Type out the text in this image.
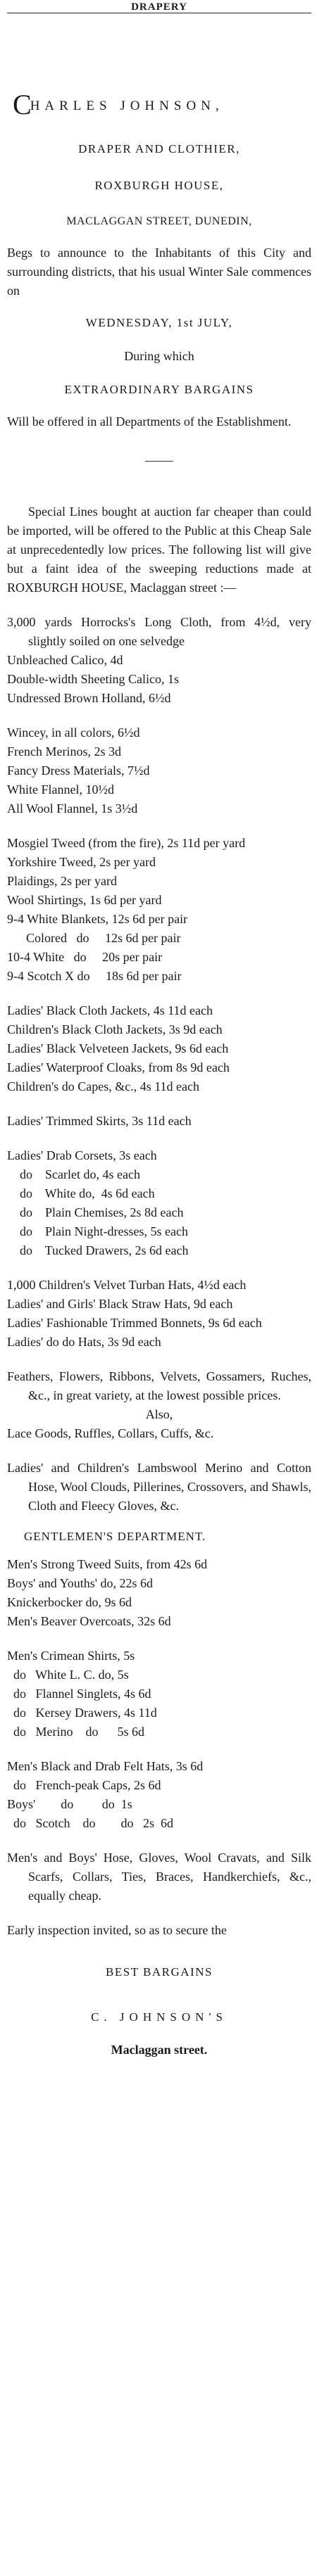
DRAPERY
CHARLES JOHNSON,
DRAPER AND CLOTHIER,
ROXBURGH HOUSE,
MACLAGGAN STREET, DUNEDIN,
Begs to announce to the Inhabitants of this City and surrounding districts, that his usual Winter Sale commences on
WEDNESDAY, 1st JULY,
During which
EXTRAORDINARY BARGAINS
Will be offered in all Departments of the Establishment.
Special Lines bought at auction far cheaper than could be imported, will be offered to the Public at this Cheap Sale at unprecedentedly low prices. The following list will give but a faint idea of the sweeping reductions made at ROXBURGH HOUSE, Maclaggan street :—
3,000 yards Horrocks's Long Cloth, from 4½d, very slightly soiled on one selvedge
Unbleached Calico, 4d
Double-width Sheeting Calico, 1s
Undressed Brown Holland, 6½d
Wincey, in all colors, 6½d
French Merinos, 2s 3d
Fancy Dress Materials, 7½d
White Flannel, 10½d
All Wool Flannel, 1s 3½d
Mosgiel Tweed (from the fire), 2s 11d per yard
Yorkshire Tweed, 2s per yard
Plaidings, 2s per yard
Wool Shirtings, 1s 6d per yard
9-4 White Blankets, 12s 6d per pair
Colored   do     12s 6d per pair
10-4 White   do     20s per pair
9-4 Scotch X do     18s 6d per pair
Ladies' Black Cloth Jackets, 4s 11d each
Children's Black Cloth Jackets, 3s 9d each
Ladies' Black Velveteen Jackets, 9s 6d each
Ladies' Waterproof Cloaks, from 8s 9d each
Children's do Capes, &c., 4s 11d each
Ladies' Trimmed Skirts, 3s 11d each
Ladies' Drab Corsets, 3s each
do    Scarlet do, 4s each
do    White do,  4s 6d each
do    Plain Chemises, 2s 8d each
do    Plain Night-dresses, 5s each
do    Tucked Drawers, 2s 6d each
1,000 Children's Velvet Turban Hats, 4½d each
Ladies' and Girls' Black Straw Hats, 9d each
Ladies' Fashionable Trimmed Bonnets, 9s 6d each
Ladies' do do Hats, 3s 9d each
Feathers, Flowers, Ribbons, Velvets, Gossamers, Ruches, &c., in great variety, at the lowest possible prices.
Also,
Lace Goods, Ruffles, Collars, Cuffs, &c.
Ladies' and Children's Lambswool Merino and Cotton Hose, Wool Clouds, Pillerines, Crossovers, and Shawls, Cloth and Fleecy Gloves, &c.
GENTLEMEN'S DEPARTMENT.
Men's Strong Tweed Suits, from 42s 6d
Boys' and Youths' do, 22s 6d
Knickerbocker do, 9s 6d
Men's Beaver Overcoats, 32s 6d
Men's Crimean Shirts, 5s
do   White L. C. do, 5s
do   Flannel Singlets, 4s 6d
do   Kersey Drawers, 4s 11d
do   Merino    do      5s 6d
Men's Black and Drab Felt Hats, 3s 6d
do   French-peak Caps, 2s 6d
Boys'        do         do  1s
do   Scotch    do        do   2s  6d
Men's and Boys' Hose, Gloves, Wool Cravats, and Silk Scarfs, Collars, Ties, Braces, Handkerchiefs, &c., equally cheap.
Early inspection invited, so as to secure the
BEST BARGAINS
C. JOHNSON'S
Maclaggan street.
